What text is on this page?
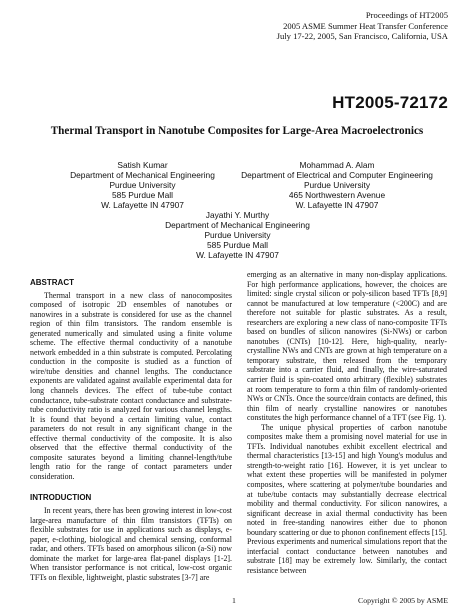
Proceedings of HT2005
2005 ASME Summer Heat Transfer Conference
July 17-22, 2005, San Francisco, California, USA
HT2005-72172
Thermal Transport in Nanotube Composites for Large-Area Macroelectronics
Satish Kumar
Department of Mechanical Engineering
Purdue University
585 Purdue Mall
W. Lafayette IN 47907
Mohammad A. Alam
Department of Electrical and Computer Engineering
Purdue University
465 Northwestern Avenue
W. Lafayette IN 47907
Jayathi Y. Murthy
Department of Mechanical Engineering
Purdue University
585 Purdue Mall
W. Lafayette IN 47907
ABSTRACT

Thermal transport in a new class of nanocomposites composed of isotropic 2D ensembles of nanotubes or nanowires in a substrate is considered for use as the channel region of thin film transistors. The random ensemble is generated numerically and simulated using a finite volume scheme. The effective thermal conductivity of a nanotube network embedded in a thin substrate is computed. Percolating conduction in the composite is studied as a function of wire/tube densities and channel lengths. The conductance exponents are validated against available experimental data for long channels devices. The effect of tube-tube contact conductance, tube-substrate contact conductance and substrate-tube conductivity ratio is analyzed for various channel lengths. It is found that beyond a certain limiting value, contact parameters do not result in any significant change in the effective thermal conductivity of the composite. It is also observed that the effective thermal conductivity of the composite saturates beyond a limiting channel-length/tube length ratio for the range of contact parameters under consideration.

INTRODUCTION

In recent years, there has been growing interest in low-cost large-area manufacture of thin film transistors (TFTs) on flexible substrates for use in applications such as displays, e-paper, e-clothing, biological and chemical sensing, conformal radar, and others. TFTs based on amorphous silicon (a-Si) now dominate the market for large-area flat-panel displays [1-2]. When transistor performance is not critical, low-cost organic TFTs on flexible, lightweight, plastic substrates [3-7] are

emerging as an alternative in many non-display applications. For high performance applications, however, the choices are limited: single crystal silicon or poly-silicon based TFTs [8,9] cannot be manufactured at low temperature (<200C) and are therefore not suitable for plastic substrates. As a result, researchers are exploring a new class of nano-composite TFTs based on bundles of silicon nanowires (Si-NWs) or carbon nanotubes (CNTs) [10-12]. Here, high-quality, nearly-crystalline NWs and CNTs are grown at high temperature on a temporary substrate, then released from the temporary substrate into a carrier fluid, and finally, the wire-saturated carrier fluid is spin-coated onto arbitrary (flexible) substrates at room temperature to form a thin film of randomly-oriented NWs or CNTs. Once the source/drain contacts are defined, this thin film of nearly crystalline nanowires or nanotubes constitutes the high performance channel of a TFT (see Fig. 1).

The unique physical properties of carbon nanotube composites make them a promising novel material for use in TFTs. Individual nanotubes exhibit excellent electrical and thermal characteristics [13-15] and high Young's modulus and strength-to-weight ratio [16]. However, it is yet unclear to what extent these properties will be manifested in polymer composites, where scattering at polymer/tube boundaries and at tube/tube contacts may substantially decrease electrical mobility and thermal conductivity. For silicon nanowires, a significant decrease in axial thermal conductivity has been noted in free-standing nanowires either due to phonon boundary scattering or due to phonon confinement effects [15]. Previous experiments and numerical simulations report that the interfacial contact conductance between nanotubes and substrate [18] may be extremely low. Similarly, the contact resistance between

1	Copyright © 2005 by ASME
